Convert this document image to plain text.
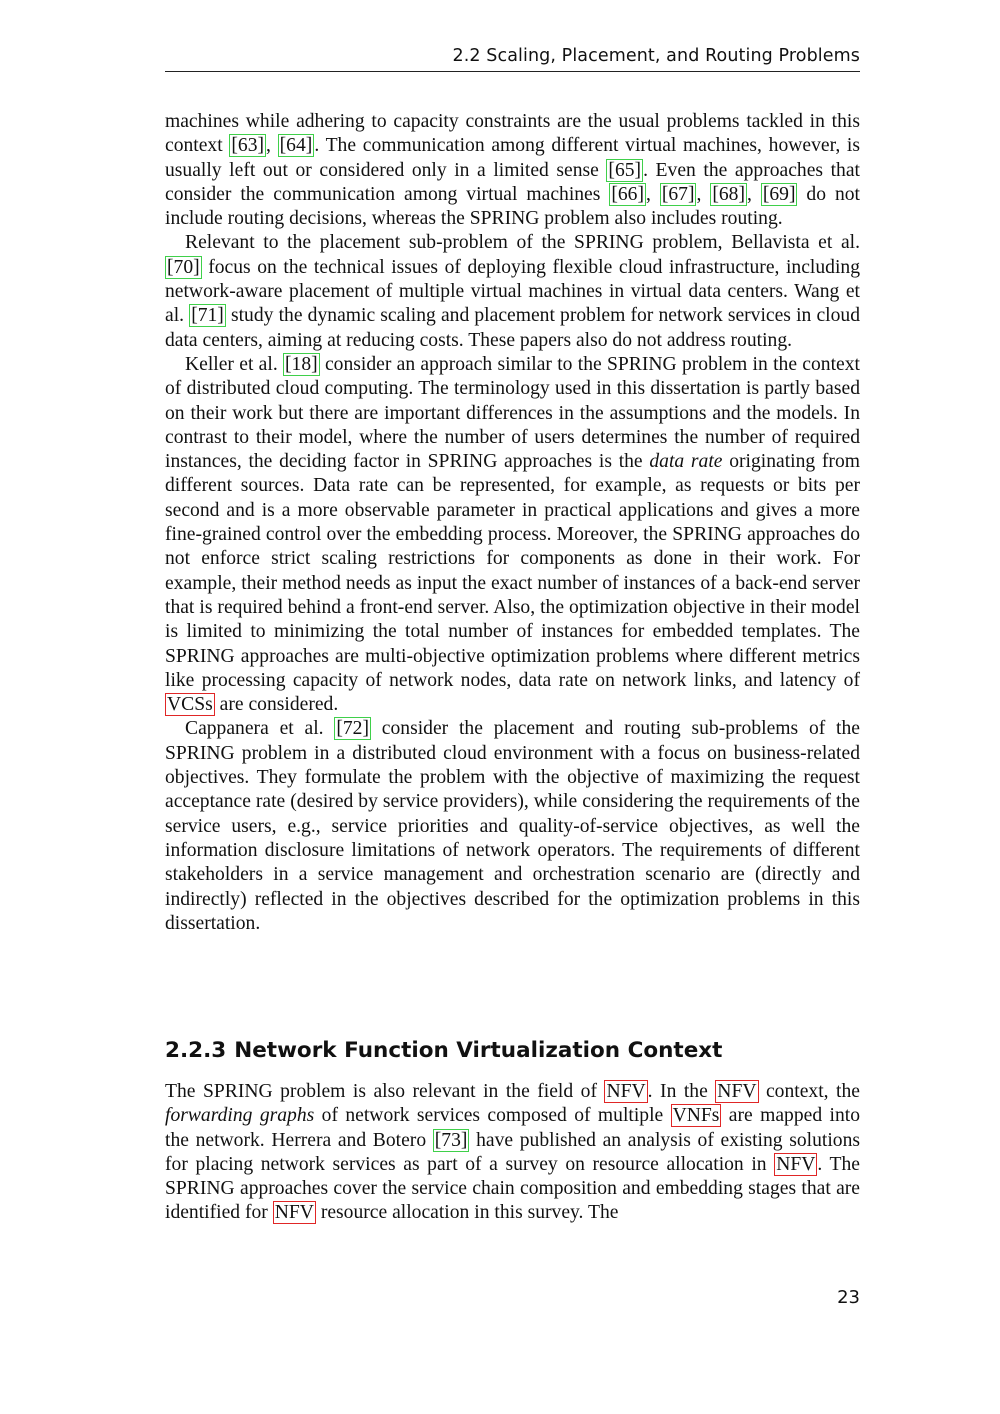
2.2 Scaling, Placement, and Routing Problems

machines while adhering to capacity constraints are the usual problems tackled in this context [63] , [64] . The communication among different virtual machines, however, is usually left out or considered only in a limited sense [65] . Even the approaches that consider the communication among virtual machines [66] , [67] , [68] , [69] do not include routing decisions, whereas the SPRING problem also includes routing.

Relevant to the placement sub-problem of the SPRING problem, Bellavista et al. [70] focus on the technical issues of deploying flexible cloud infrastructure, including network-aware placement of multiple virtual machines in virtual data centers. Wang et al. [71] study the dynamic scaling and placement problem for network services in cloud data centers, aiming at reducing costs. These papers also do not address routing.

Keller et al. [18] consider an approach similar to the SPRING problem in the context of distributed cloud computing. The terminology used in this dissertation is partly based on their work but there are important differences in the assumptions and the models. In contrast to their model, where the number of users determines the number of required instances, the deciding factor in SPRING approaches is the data rate originating from different sources. Data rate can be represented, for example, as requests or bits per second and is a more observable parameter in practical applications and gives a more fine-grained control over the embedding process. Moreover, the SPRING approaches do not enforce strict scaling restrictions for components as done in their work. For example, their method needs as input the exact number of instances of a back-end server that is required behind a front-end server. Also, the optimization objective in their model is limited to minimizing the total number of instances for embedded templates. The SPRING approaches are multi-objective optimization problems where different metrics like processing capacity of network nodes, data rate on network links, and latency of VCSs are considered.

Cappanera et al. [72] consider the placement and routing sub-problems of the SPRING problem in a distributed cloud environment with a focus on business-related objectives. They formulate the problem with the objective of maximizing the request acceptance rate (desired by service providers), while considering the requirements of the service users, e.g., service priorities and quality-of-service objectives, as well the information disclosure limitations of network operators. The requirements of different stakeholders in a service management and orchestration scenario are (directly and indirectly) reflected in the objectives described for the optimization problems in this dissertation.

2.2.3 Network Function Virtualization Context

The SPRING problem is also relevant in the field of NFV . In the NFV context, the forwarding graphs of network services composed of multiple VNFs are mapped into the network. Herrera and Botero [73] have published an analysis of existing solutions for placing network services as part of a survey on resource allocation in NFV . The SPRING approaches cover the service chain composition and embedding stages that are identified for NFV resource allocation in this survey. The

23
